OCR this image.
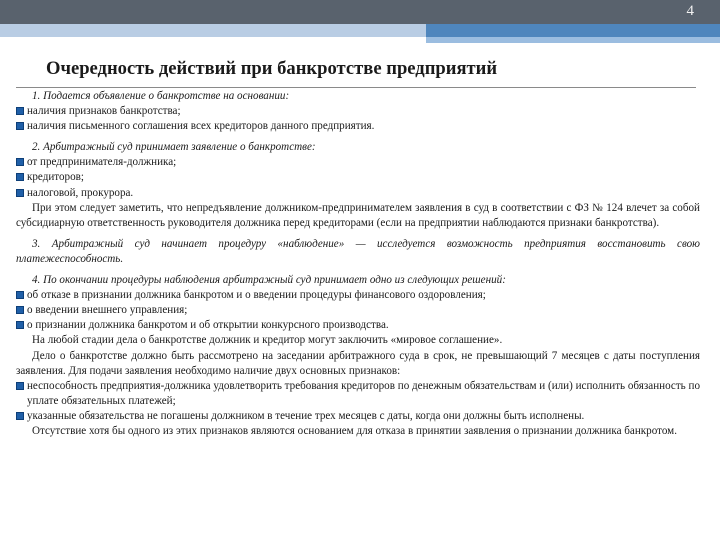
4
Очередность действий при банкротстве предприятий

1. Подается объявление о банкротстве на основании:

наличия признаков банкротства;

наличия письменного соглашения всех кредиторов данного предприятия.

2. Арбитражный суд принимает заявление о банкротстве:

от предпринимателя-должника;

кредиторов;

налоговой, прокурора.

При этом следует заметить, что непредъявление должником-предпринимателем заявления в суд в соответствии с ФЗ № 124 влечет за собой субсидиарную ответственность руководителя должника перед кредиторами (если на предприятии наблюдаются признаки банкротства).

3. Арбитражный суд начинает процедуру «наблюдение» — исследуется возможность предприятия восстановить свою платежеспособность.

4. По окончании процедуры наблюдения арбитражный суд принимает одно из следующих решений:

об отказе в признании должника банкротом и о введении процедуры финансового оздоровления;

о введении внешнего управления;

о признании должника банкротом и об открытии конкурсного производства.

На любой стадии дела о банкротстве должник и кредитор могут заключить «мировое соглашение».

Дело о банкротстве должно быть рассмотрено на заседании арбитражного суда в срок, не превышающий 7 месяцев с даты поступления заявления. Для подачи заявления необходимо наличие двух основных признаков:

неспособность предприятия-должника удовлетворить требования кредиторов по денежным обязательствам и (или) исполнить обязанность по уплате обязательных платежей;

указанные обязательства не погашены должником в течение трех месяцев с даты, когда они должны быть исполнены.

Отсутствие хотя бы одного из этих признаков являются основанием для отказа в принятии заявления о признании должника банкротом.
